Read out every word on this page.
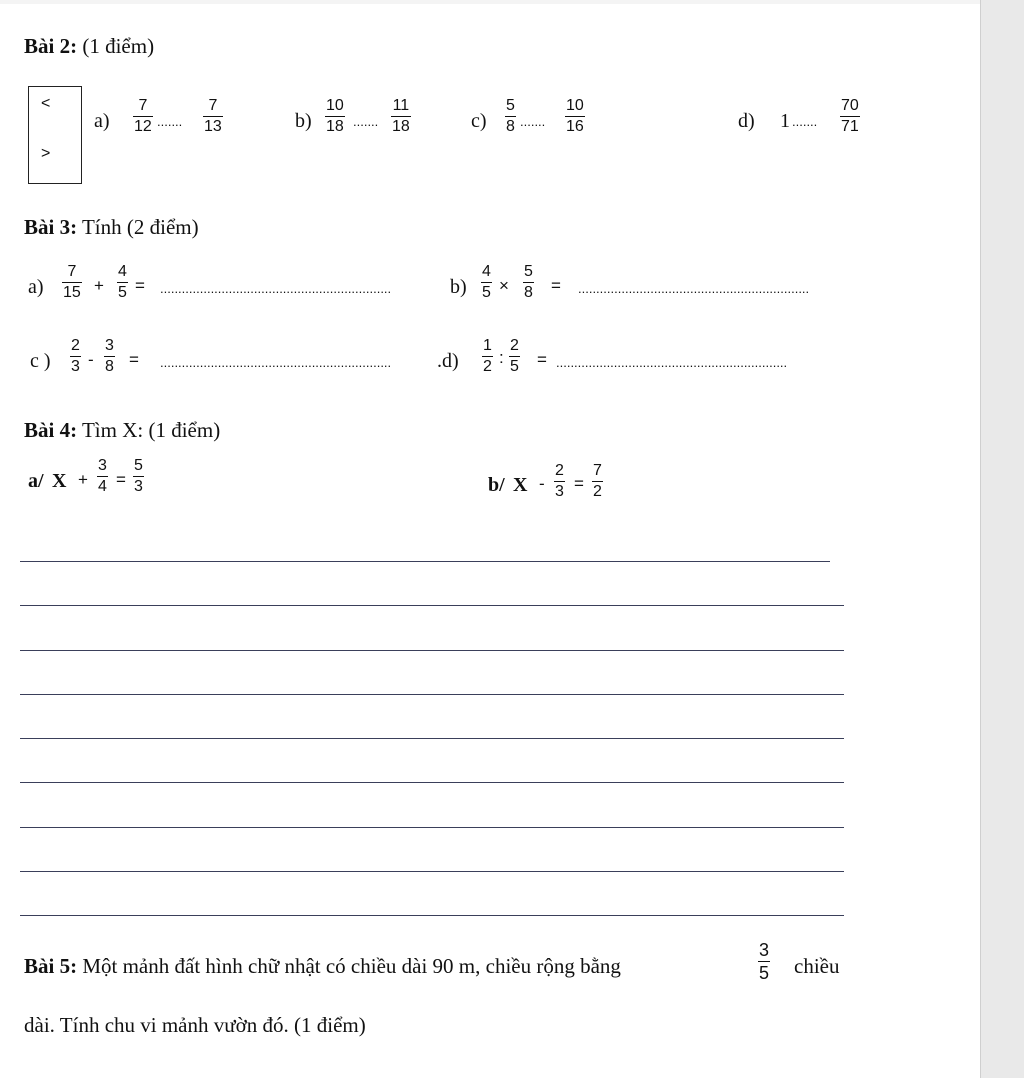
Bài 2: (1 điểm)
<
>
a)
7
12 .......
7
13	b)
10
18 .......
11
18	c)
5
8 .......
10
16	d) 1 .......
70
71
Bài 3: Tính (2 điểm)
a)
7
15 +
4
5 = ................................................................	b)
4
5 ×
5
8 = ................................................................
c )
2
3 -
3
8 = ................................................................	.d)
1
2 :
2
5 = ................................................................
Bài 4: Tìm X: (1 điểm)
a/ X +
3
4 =
5
3	b/ X -
2
3 =
7
2
Bài 5: Một mảnh đất hình chữ nhật có chiều dài 90 m, chiều rộng bằng
3
5 chiều
dài. Tính chu vi mảnh vườn đó. (1 điểm)
